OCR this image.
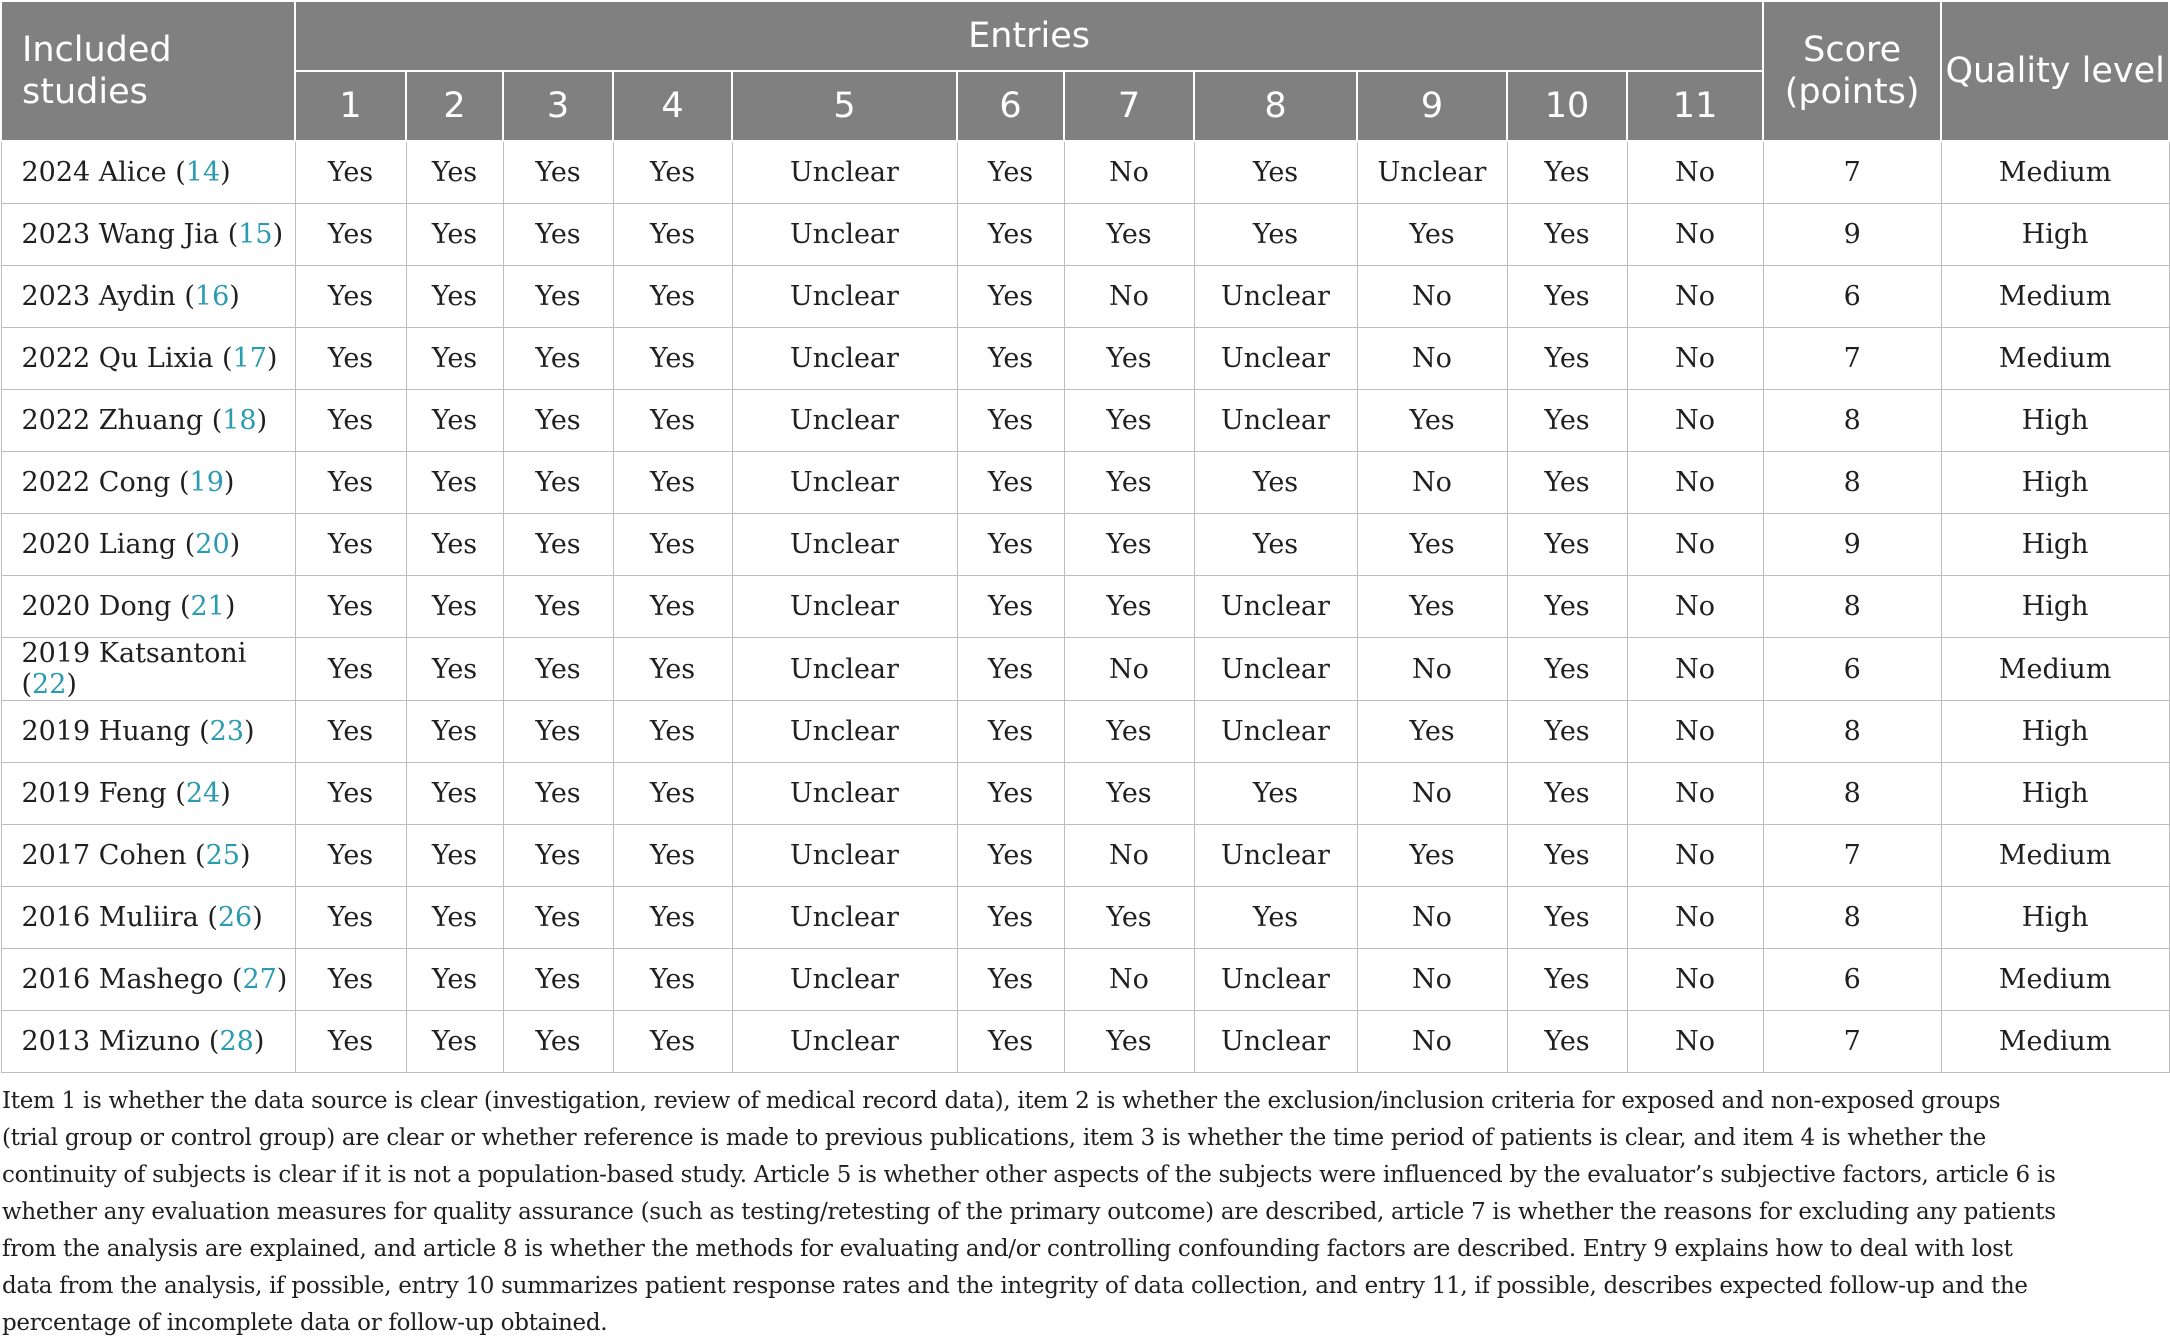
Included studies	Entries											Score (points)	Quality level
	1	2	3	4	5	6	7	8	9	10	11		
2024 Alice (14)	Yes	Yes	Yes	Yes	Unclear	Yes	No	Yes	Unclear	Yes	No	7	Medium
2023 Wang Jia (15)	Yes	Yes	Yes	Yes	Unclear	Yes	Yes	Yes	Yes	Yes	No	9	High
2023 Aydin (16)	Yes	Yes	Yes	Yes	Unclear	Yes	No	Unclear	No	Yes	No	6	Medium
2022 Qu Lixia (17)	Yes	Yes	Yes	Yes	Unclear	Yes	Yes	Unclear	No	Yes	No	7	Medium
2022 Zhuang (18)	Yes	Yes	Yes	Yes	Unclear	Yes	Yes	Unclear	Yes	Yes	No	8	High
2022 Cong (19)	Yes	Yes	Yes	Yes	Unclear	Yes	Yes	Yes	No	Yes	No	8	High
2020 Liang (20)	Yes	Yes	Yes	Yes	Unclear	Yes	Yes	Yes	Yes	Yes	No	9	High
2020 Dong (21)	Yes	Yes	Yes	Yes	Unclear	Yes	Yes	Unclear	Yes	Yes	No	8	High
2019 Katsantoni (22)	Yes	Yes	Yes	Yes	Unclear	Yes	No	Unclear	No	Yes	No	6	Medium
2019 Huang (23)	Yes	Yes	Yes	Yes	Unclear	Yes	Yes	Unclear	Yes	Yes	No	8	High
2019 Feng (24)	Yes	Yes	Yes	Yes	Unclear	Yes	Yes	Yes	No	Yes	No	8	High
2017 Cohen (25)	Yes	Yes	Yes	Yes	Unclear	Yes	No	Unclear	Yes	Yes	No	7	Medium
2016 Muliira (26)	Yes	Yes	Yes	Yes	Unclear	Yes	Yes	Yes	No	Yes	No	8	High
2016 Mashego (27)	Yes	Yes	Yes	Yes	Unclear	Yes	No	Unclear	No	Yes	No	6	Medium
2013 Mizuno (28)	Yes	Yes	Yes	Yes	Unclear	Yes	Yes	Unclear	No	Yes	No	7	Medium

Item 1 is whether the data source is clear (investigation, review of medical record data), item 2 is whether the exclusion/inclusion criteria for exposed and non-exposed groups (trial group or control group) are clear or whether reference is made to previous publications, item 3 is whether the time period of patients is clear, and item 4 is whether the continuity of subjects is clear if it is not a population-based study. Article 5 is whether other aspects of the subjects were influenced by the evaluator’s subjective factors, article 6 is whether any evaluation measures for quality assurance (such as testing/retesting of the primary outcome) are described, article 7 is whether the reasons for excluding any patients from the analysis are explained, and article 8 is whether the methods for evaluating and/or controlling confounding factors are described. Entry 9 explains how to deal with lost data from the analysis, if possible, entry 10 summarizes patient response rates and the integrity of data collection, and entry 11, if possible, describes expected follow-up and the percentage of incomplete data or follow-up obtained.
